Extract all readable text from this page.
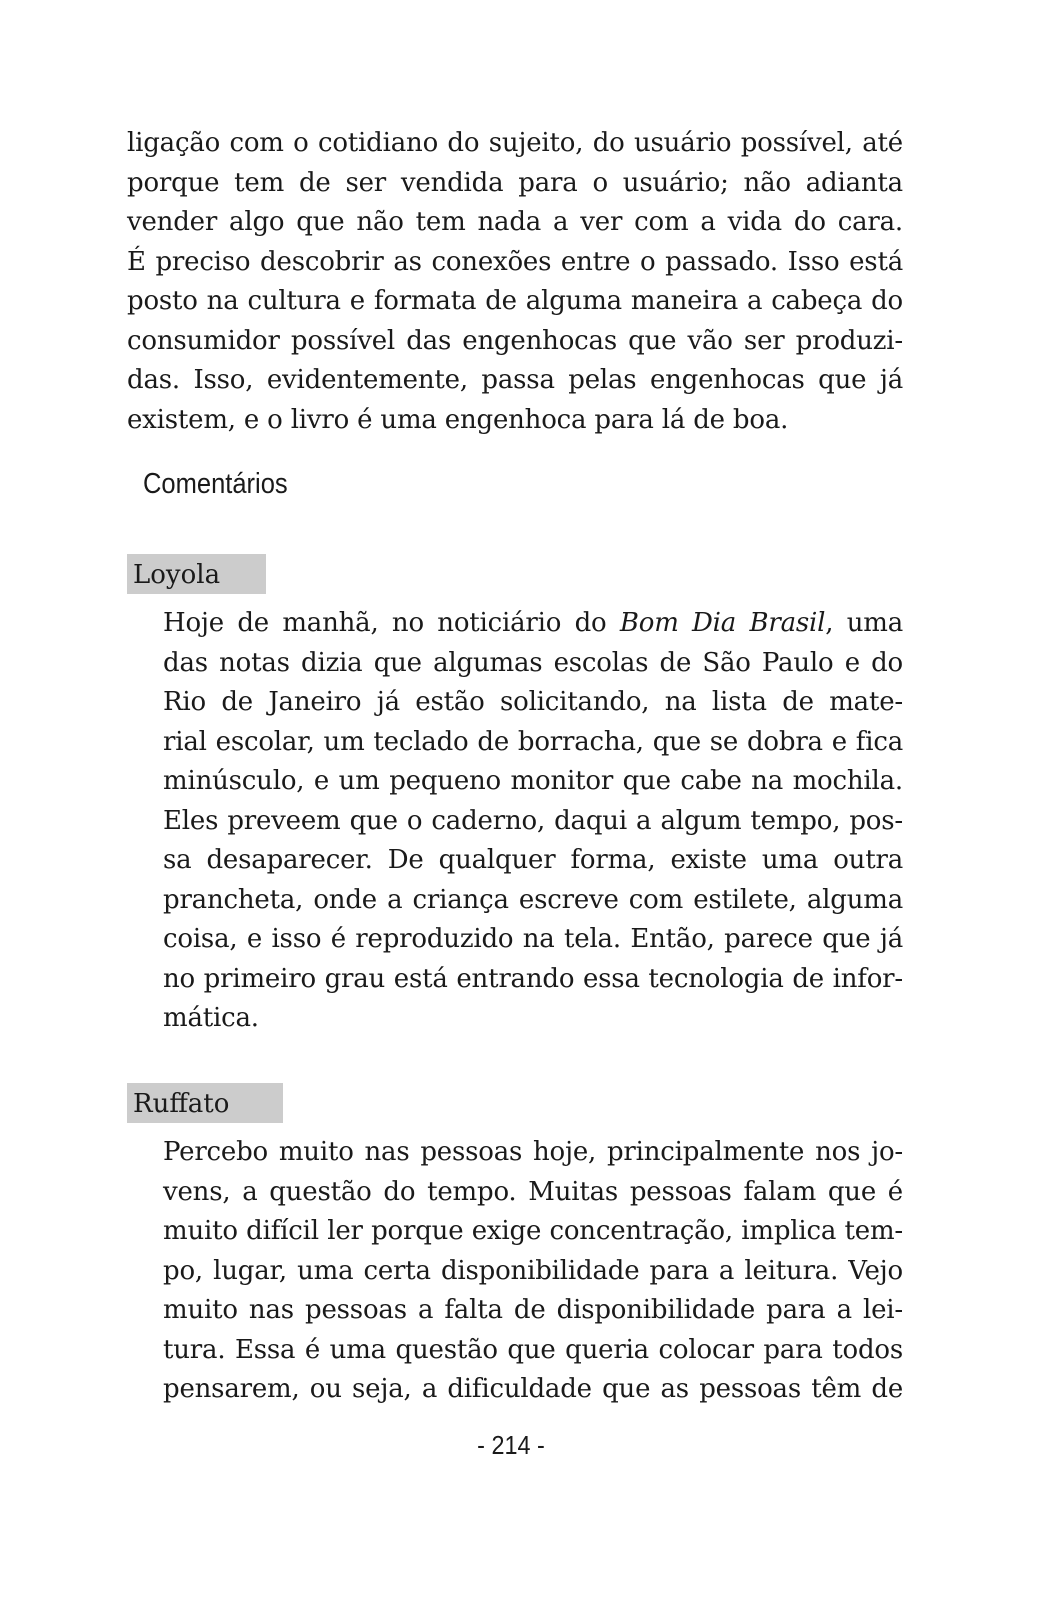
ligação com o cotidiano do sujeito, do usuário possível, até
porque tem de ser vendida para o usuário; não adianta
vender algo que não tem nada a ver com a vida do cara.
É preciso descobrir as conexões entre o passado. Isso está
posto na cultura e formata de alguma maneira a cabeça do
consumidor possível das engenhocas que vão ser produzi-
das. Isso, evidentemente, passa pelas engenhocas que já
existem, e o livro é uma engenhoca para lá de boa.
Comentários
Loyola
Hoje de manhã, no noticiário do Bom Dia Brasil, uma
das notas dizia que algumas escolas de São Paulo e do
Rio de Janeiro já estão solicitando, na lista de mate-
rial escolar, um teclado de borracha, que se dobra e fica
minúsculo, e um pequeno monitor que cabe na mochila.
Eles preveem que o caderno, daqui a algum tempo, pos-
sa desaparecer. De qualquer forma, existe uma outra
prancheta, onde a criança escreve com estilete, alguma
coisa, e isso é reproduzido na tela. Então, parece que já
no primeiro grau está entrando essa tecnologia de infor-
mática.
Ruffato
Percebo muito nas pessoas hoje, principalmente nos jo-
vens, a questão do tempo. Muitas pessoas falam que é
muito difícil ler porque exige concentração, implica tem-
po, lugar, uma certa disponibilidade para a leitura. Vejo
muito nas pessoas a falta de disponibilidade para a lei-
tura. Essa é uma questão que queria colocar para todos
pensarem, ou seja, a dificuldade que as pessoas têm de

- 214 -
